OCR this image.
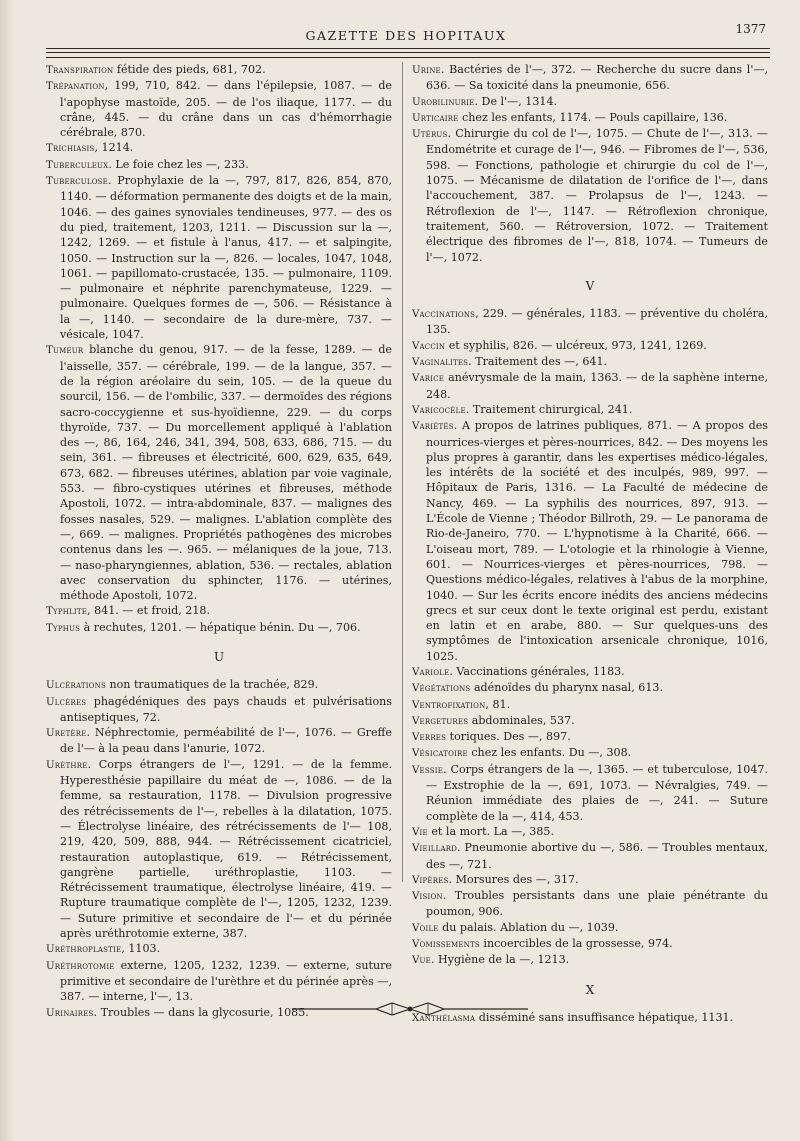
GAZETTE DES HOPITAUX	1377

Transpiration fétide des pieds, 681, 702.

Trépanation, 199, 710, 842. — dans l'épilepsie, 1087. — de l'apophyse mastoïde, 205. — de l'os iliaque, 1177. — du crâne, 445. — du crâne dans un cas d'hémorrhagie cérébrale, 870.

Trichiasis, 1214.

Tuberculeux. Le foie chez les —, 233.

Tuberculose. Prophylaxie de la —, 797, 817, 826, 854, 870, 1140. — déformation permanente des doigts et de la main, 1046. — des gaines synoviales tendineuses, 977. — des os du pied, traitement, 1203, 1211. — Discussion sur la —, 1242, 1269. — et fistule à l'anus, 417. — et salpingite, 1050. — Instruction sur la —, 826. — locales, 1047, 1048, 1061. — papillomato-crustacée, 135. — pulmonaire, 1109. — pulmonaire et néphrite parenchymateuse, 1229. — pulmonaire. Quelques formes de —, 506. — Résistance à la —, 1140. — secondaire de la dure-mère, 737. — vésicale, 1047.

Tumeur blanche du genou, 917. — de la fesse, 1289. — de l'aisselle, 357. — cérébrale, 199. — de la langue, 357. — de la région aréolaire du sein, 105. — de la queue du sourcil, 156. — de l'ombilic, 337. — dermoïdes des régions sacro-coccygienne et sus-hyoïdienne, 229. — du corps thyroïde, 737. — Du morcellement appliqué à l'ablation des —, 86, 164, 246, 341, 394, 508, 633, 686, 715. — du sein, 361. — fibreuses et électricité, 600, 629, 635, 649, 673, 682. — fibreuses utérines, ablation par voie vaginale, 553. — fibro-cystiques utérines et fibreuses, méthode Apostoli, 1072. — intra-abdominale, 837. — malignes des fosses nasales, 529. — malignes. L'ablation complète des —, 669. — malignes. Propriétés pathogènes des microbes contenus dans les —. 965. — mélaniques de la joue, 713. — naso-pharyngiennes, ablation, 536. — rectales, ablation avec conservation du sphincter, 1176. — utérines, méthode Apostoli, 1072.

Typhlite, 841. — et froid, 218.

Typhus à rechutes, 1201. — hépatique bénin. Du —, 706.

U

Ulcérations non traumatiques de la trachée, 829.

Ulcères phagédéniques des pays chauds et pulvérisations antiseptiques, 72.

Uretère. Néphrectomie, perméabilité de l'—, 1076. — Greffe de l'— à la peau dans l'anurie, 1072.

Urèthre. Corps étrangers de l'—, 1291. — de la femme. Hyperesthésie papillaire du méat de —, 1086. — de la femme, sa restauration, 1178. — Divulsion progressive des rétrécissements de l'—, rebelles à la dilatation, 1075. — Électrolyse linéaire, des rétrécissements de l'— 108, 219, 420, 509, 888, 944. — Rétrécissement cicatriciel, restauration autoplastique, 619. — Rétrécissement, gangrène partielle, uréthroplastie, 1103. — Rétrécissement traumatique, électrolyse linéaire, 419. — Rupture traumatique complète de l'—, 1205, 1232, 1239. — Suture primitive et secondaire de l'— et du périnée après uréthrotomie externe, 387.

Uréthroplastie, 1103.

Uréthrotomie externe, 1205, 1232, 1239. — externe, suture primitive et secondaire de l'urèthre et du périnée après —, 387. — interne, l'—, 13.

Urinaires. Troubles — dans la glycosurie, 1085.

Urine. Bactéries de l'—, 372. — Recherche du sucre dans l'—, 636. — Sa toxicité dans la pneumonie, 656.

Urobilinurie. De l'—, 1314.

Urticaire chez les enfants, 1174. — Pouls capillaire, 136.

Utérus. Chirurgie du col de l'—, 1075. — Chute de l'—, 313. — Endométrite et curage de l'—, 946. — Fibromes de l'—, 536, 598. — Fonctions, pathologie et chirurgie du col de l'—, 1075. — Mécanisme de dilatation de l'orifice de l'—, dans l'accouchement, 387. — Prolapsus de l'—, 1243. — Rétroflexion de l'—, 1147. — Rétroflexion chronique, traitement, 560. — Rétroversion, 1072. — Traitement électrique des fibromes de l'—, 818, 1074. — Tumeurs de l'—, 1072.

V

Vaccinations, 229. — générales, 1183. — préventive du choléra, 135.

Vaccin et syphilis, 826. — ulcéreux, 973, 1241, 1269.

Vaginalites. Traitement des —, 641.

Varice anévrysmale de la main, 1363. — de la saphène interne, 248.

Varicocèle. Traitement chirurgical, 241.

Variétés. A propos de latrines publiques, 871. — A propos des nourrices-vierges et pères-nourrices, 842. — Des moyens les plus propres à garantir, dans les expertises médico-légales, les intérêts de la société et des inculpés, 989, 997. — Hôpitaux de Paris, 1316. — La Faculté de médecine de Nancy, 469. — La syphilis des nourrices, 897, 913. — L'École de Vienne ; Théodor Billroth, 29. — Le panorama de Rio-de-Janeiro, 770. — L'hypnotisme à la Charité, 666. — L'oiseau mort, 789. — L'otologie et la rhinologie à Vienne, 601. — Nourrices-vierges et pères-nourrices, 798. — Questions médico-légales, relatives à l'abus de la morphine, 1040. — Sur les écrits encore inédits des anciens médecins grecs et sur ceux dont le texte original est perdu, existant en latin et en arabe, 880. — Sur quelques-uns des symptômes de l'intoxication arsenicale chronique, 1016, 1025.

Variole. Vaccinations générales, 1183.

Végétations adénoïdes du pharynx nasal, 613.

Ventrofixation, 81.

Vergetures abdominales, 537.

Verres toriques. Des —, 897.

Vésicatoire chez les enfants. Du —, 308.

Vessie. Corps étrangers de la —, 1365. — et tuberculose, 1047. — Exstrophie de la —, 691, 1073. — Névralgies, 749. — Réunion immédiate des plaies de —, 241. — Suture complète de la —, 414, 453.

Vie et la mort. La —, 385.

Vieillard. Pneumonie abortive du —, 586. — Troubles mentaux, des —, 721.

Vipères. Morsures des —, 317.

Vision. Troubles persistants dans une plaie pénétrante du poumon, 906.

Voile du palais. Ablation du —, 1039.

Vomissements incoercibles de la grossesse, 974.

Vue. Hygiène de la —, 1213.

X

Xanthélasma disséminé sans insuffisance hépatique, 1131.
